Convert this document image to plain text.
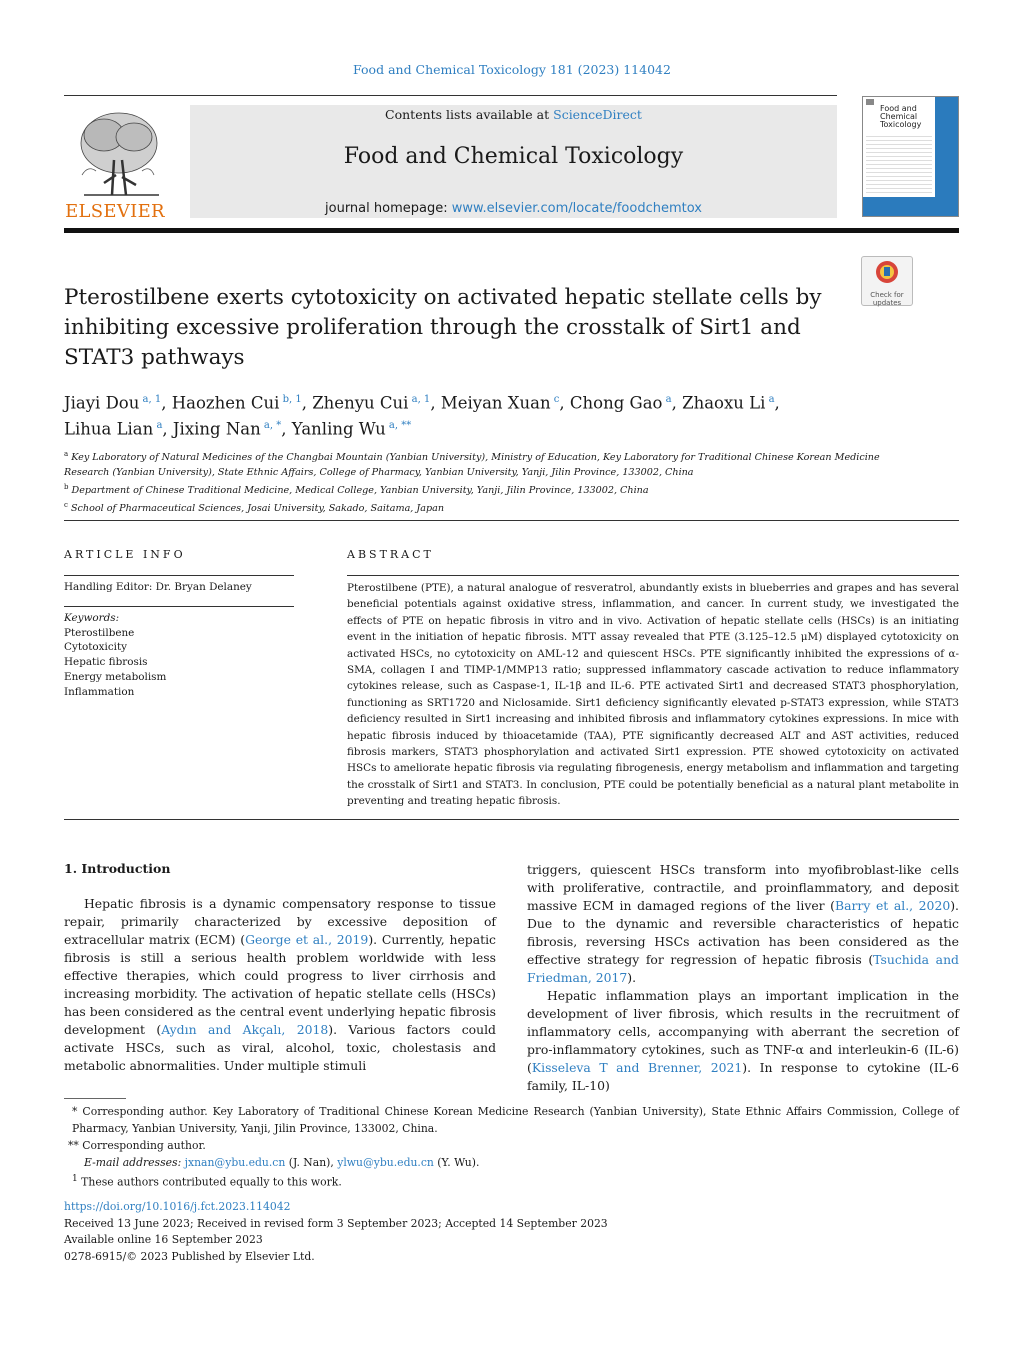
Food and Chemical Toxicology 181 (2023) 114042
ELSEVIER
Contents lists available at ScienceDirect
Food and Chemical Toxicology
journal homepage: www.elsevier.com/locate/foodchemtox
Food and
Chemical
Toxicology
Check for
updates
Pterostilbene exerts cytotoxicity on activated hepatic stellate cells by inhibiting excessive proliferation through the crosstalk of Sirt1 and STAT3 pathways
Jiayi Dou $^{a, 1}$, Haozhen Cui $^{b, 1}$, Zhenyu Cui $^{a, 1}$, Meiyan Xuan $^c$, Chong Gao $^a$, Zhaoxu Li $^a$,
Lihua Lian $^a$, Jixing Nan $^{a, *}$, Yanling Wu $^{a, **}$
$^a$ Key Laboratory of Natural Medicines of the Changbai Mountain (Yanbian University), Ministry of Education, Key Laboratory for Traditional Chinese Korean Medicine Research (Yanbian University), State Ethnic Affairs, College of Pharmacy, Yanbian University, Yanji, Jilin Province, 133002, China
$^b$ Department of Chinese Traditional Medicine, Medical College, Yanbian University, Yanji, Jilin Province, 133002, China
$^c$ School of Pharmaceutical Sciences, Josai University, Sakado, Saitama, Japan
ARTICLE INFO
Handling Editor: Dr. Bryan Delaney
Keywords:
Pterostilbene
Cytotoxicity
Hepatic fibrosis
Energy metabolism
Inflammation
ABSTRACT
Pterostilbene (PTE), a natural analogue of resveratrol, abundantly exists in blueberries and grapes and has several beneficial potentials against oxidative stress, inflammation, and cancer. In current study, we investigated the effects of PTE on hepatic fibrosis in vitro and in vivo. Activation of hepatic stellate cells (HSCs) is an initiating event in the initiation of hepatic fibrosis. MTT assay revealed that PTE (3.125–12.5 μM) displayed cytotoxicity on activated HSCs, no cytotoxicity on AML-12 and quiescent HSCs. PTE significantly inhibited the expressions of α-SMA, collagen I and TIMP-1/MMP13 ratio; suppressed inflammatory cascade activation to reduce inflammatory cytokines release, such as Caspase-1, IL-1β and IL-6. PTE activated Sirt1 and decreased STAT3 phosphorylation, functioning as SRT1720 and Niclosamide. Sirt1 deficiency significantly elevated p-STAT3 expression, while STAT3 deficiency resulted in Sirt1 increasing and inhibited fibrosis and inflammatory cytokines expressions. In mice with hepatic fibrosis induced by thioacetamide (TAA), PTE significantly decreased ALT and AST activities, reduced fibrosis markers, STAT3 phosphorylation and activated Sirt1 expression. PTE showed cytotoxicity on activated HSCs to ameliorate hepatic fibrosis via regulating fibrogenesis, energy metabolism and inflammation and targeting the crosstalk of Sirt1 and STAT3. In conclusion, PTE could be potentially beneficial as a natural plant metabolite in preventing and treating hepatic fibrosis.
1. Introduction

Hepatic fibrosis is a dynamic compensatory response to tissue repair, primarily characterized by excessive deposition of extracellular matrix (ECM) (George et al., 2019). Currently, hepatic fibrosis is still a serious health problem worldwide with less effective therapies, which could progress to liver cirrhosis and increasing morbidity. The activation of hepatic stellate cells (HSCs) has been considered as the central event underlying hepatic fibrosis development (Aydın and Akçalı, 2018). Various factors could activate HSCs, such as viral, alcohol, toxic, cholestasis and metabolic abnormalities. Under multiple stimuli

triggers, quiescent HSCs transform into myofibroblast-like cells with proliferative, contractile, and proinflammatory, and deposit massive ECM in damaged regions of the liver (Barry et al., 2020). Due to the dynamic and reversible characteristics of hepatic fibrosis, reversing HSCs activation has been considered as the effective strategy for regression of hepatic fibrosis (Tsuchida and Friedman, 2017).

Hepatic inflammation plays an important implication in the development of liver fibrosis, which results in the recruitment of inflammatory cells, accompanying with aberrant the secretion of pro-inflammatory cytokines, such as TNF-α and interleukin-6 (IL-6) (Kisseleva T and Brenner, 2021). In response to cytokine (IL-6 family, IL-10)

* Corresponding author. Key Laboratory of Traditional Chinese Korean Medicine Research (Yanbian University), State Ethnic Affairs Commission, College of Pharmacy, Yanbian University, Yanji, Jilin Province, 133002, China.
** Corresponding author.
E-mail addresses: jxnan@ybu.edu.cn (J. Nan), ylwu@ybu.edu.cn (Y. Wu).
$^1$ These authors contributed equally to this work.
https://doi.org/10.1016/j.fct.2023.114042
Received 13 June 2023; Received in revised form 3 September 2023; Accepted 14 September 2023
Available online 16 September 2023
0278-6915/© 2023 Published by Elsevier Ltd.
